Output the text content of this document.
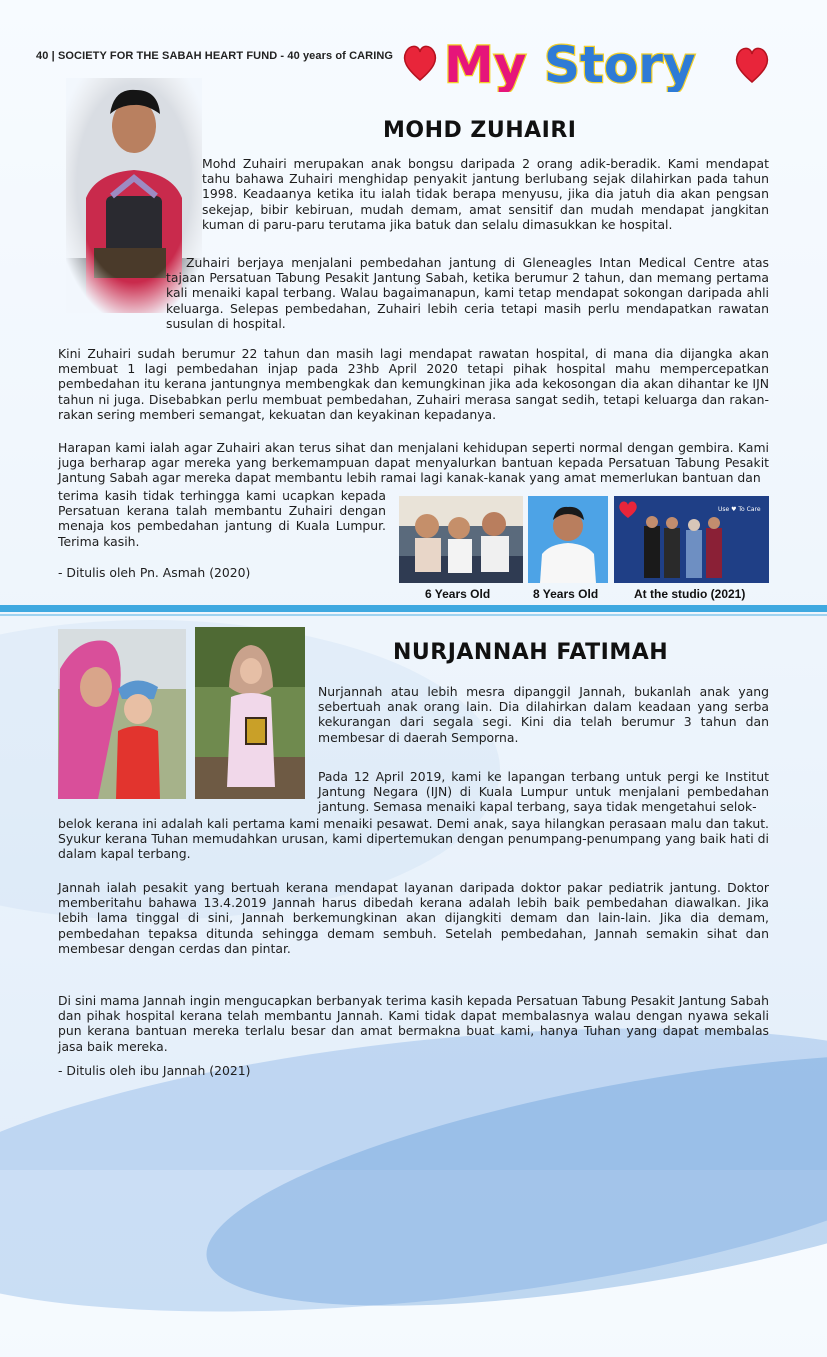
40 | SOCIETY FOR THE SABAH HEART FUND - 40 years of CARING My Story
MOHD ZUHAIRI

Mohd Zuhairi merupakan anak bongsu daripada 2 orang adik-beradik. Kami mendapat tahu bahawa Zuhairi menghidap penyakit jantung berlubang sejak dilahirkan pada tahun 1998. Keadaanya ketika itu ialah tidak berapa menyusu, jika dia jatuh dia akan pengsan sekejap, bibir kebiruan, mudah demam, amat sensitif dan mudah mendapat jangkitan kuman di paru-paru terutama jika batuk dan selalu dimasukkan ke hospital.

Zuhairi berjaya menjalani pembedahan jantung di Gleneagles Intan Medical Centre atas tajaan Persatuan Tabung Pesakit Jantung Sabah, ketika berumur 2 tahun, dan memang pertama kali menaiki kapal terbang. Walau bagaimanapun, kami tetap mendapat sokongan daripada ahli keluarga. Selepas pembedahan, Zuhairi lebih ceria tetapi masih perlu mendapatkan rawatan susulan di hospital.

Kini Zuhairi sudah berumur 22 tahun dan masih lagi mendapat rawatan hospital, di mana dia dijangka akan membuat 1 lagi pembedahan injap pada 23hb April 2020 tetapi pihak hospital mahu mempercepatkan pembedahan itu kerana jantungnya membengkak dan kemungkinan jika ada kekosongan dia akan dihantar ke IJN tahun ni juga. Disebabkan perlu membuat pembedahan, Zuhairi merasa sangat sedih, tetapi keluarga dan rakan-rakan sering memberi semangat, kekuatan dan keyakinan kepadanya.

Harapan kami ialah agar Zuhairi akan terus sihat dan menjalani kehidupan seperti normal dengan gembira. Kami juga berharap agar mereka yang berkemampuan dapat menyalurkan bantuan kepada Persatuan Tabung Pesakit Jantung Sabah agar mereka dapat membantu lebih ramai lagi kanak-kanak yang amat memerlukan bantuan dan

terima kasih tidak terhingga kami ucapkan kepada Persatuan kerana talah membantu Zuhairi dengan menaja kos pembedahan jantung di Kuala Lumpur. Terima kasih.

- Ditulis oleh Pn. Asmah (2020)

Use ♥ To Care
6 Years Old	8 Years Old	At the studio (2021)
NURJANNAH FATIMAH

Nurjannah atau lebih mesra dipanggil Jannah, bukanlah anak yang sebertuah anak orang lain. Dia dilahirkan dalam keadaan yang serba kekurangan dari segala segi. Kini dia telah berumur 3 tahun dan membesar di daerah Semporna.

Pada 12 April 2019, kami ke lapangan terbang untuk pergi ke Institut Jantung Negara (IJN) di Kuala Lumpur untuk menjalani pembedahan jantung. Semasa menaiki kapal terbang, saya tidak mengetahui selok-

belok kerana ini adalah kali pertama kami menaiki pesawat. Demi anak, saya hilangkan perasaan malu dan takut. Syukur kerana Tuhan memudahkan urusan, kami dipertemukan dengan penumpang-penumpang yang baik hati di dalam kapal terbang.

Jannah ialah pesakit yang bertuah kerana mendapat layanan daripada doktor pakar pediatrik jantung. Doktor memberitahu bahawa 13.4.2019 Jannah harus dibedah kerana adalah lebih baik pembedahan diawalkan. Jika lebih lama tinggal di sini, Jannah berkemungkinan akan dijangkiti demam dan lain-lain. Jika dia demam, pembedahan tepaksa ditunda sehingga demam sembuh. Setelah pembedahan, Jannah semakin sihat dan membesar dengan cerdas dan pintar.

Di sini mama Jannah ingin mengucapkan berbanyak terima kasih kepada Persatuan Tabung Pesakit Jantung Sabah dan pihak hospital kerana telah membantu Jannah. Kami tidak dapat membalasnya walau dengan nyawa sekali pun kerana bantuan mereka terlalu besar dan amat bermakna buat kami, hanya Tuhan yang dapat membalas jasa baik mereka.

- Ditulis oleh ibu Jannah (2021)
